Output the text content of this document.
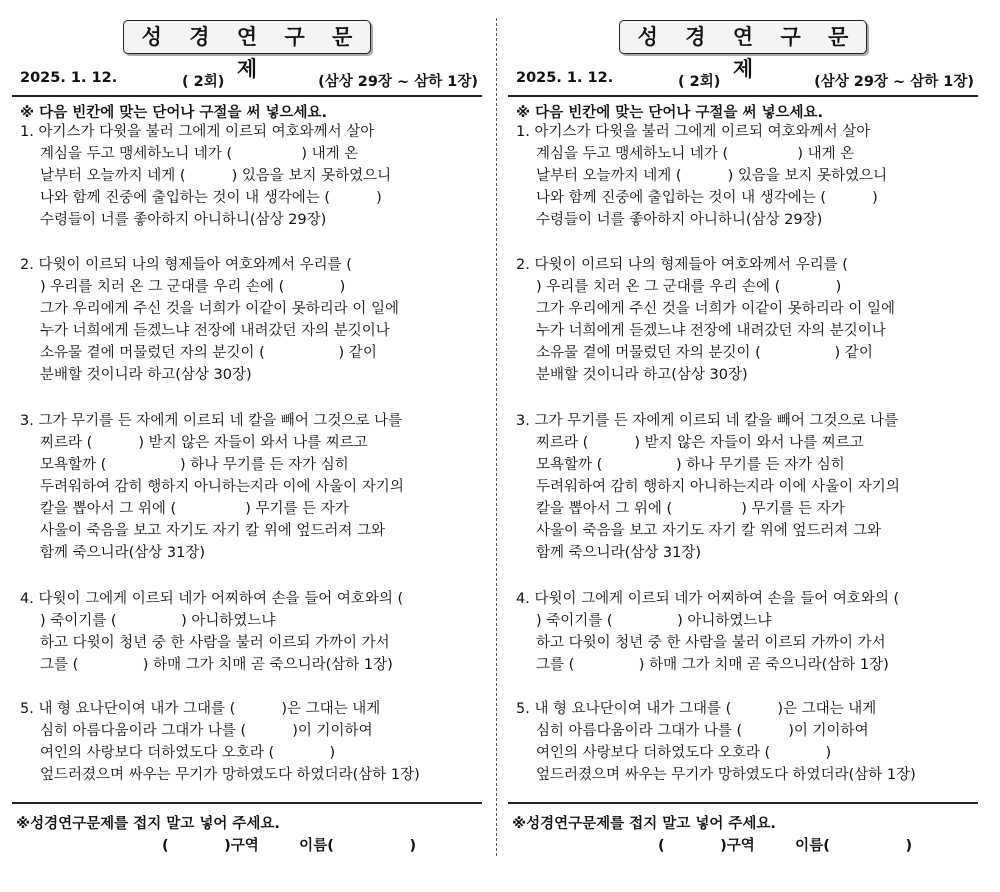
성 경 연 구 문 제
2025. 1. 12.	( 2회)	(삼상 29장 ~ 삼하 1장)
※ 다음 빈칸에 맞는 단어나 구절을 써 넣으세요.
1. 아기스가 다윗을 불러 그에게 이르되 여호와께서 살아
계심을 두고 맹세하노니 네가 (               ) 내게 온
날부터 오늘까지 네게 (          ) 있음을 보지 못하였으니
나와 함께 진중에 출입하는 것이 내 생각에는 (          )
수령들이 너를 좋아하지 아니하니(삼상 29장)
2. 다윗이 이르되 나의 형제들아 여호와께서 우리를 (
) 우리를 치러 온 그 군대를 우리 손에 (            )
그가 우리에게 주신 것을 너희가 이같이 못하리라 이 일에
누가 너희에게 듣겠느냐 전장에 내려갔던 자의 분깃이나
소유물 곁에 머물렀던 자의 분깃이 (                ) 같이
분배할 것이니라 하고(삼상 30장)
3. 그가 무기를 든 자에게 이르되 네 칼을 빼어 그것으로 나를
찌르라 (          ) 받지 않은 자들이 와서 나를 찌르고
모욕할까 (                ) 하나 무기를 든 자가 심히
두려워하여 감히 행하지 아니하는지라 이에 사울이 자기의
칼을 뽑아서 그 위에 (               ) 무기를 든 자가
사울이 죽음을 보고 자기도 자기 칼 위에 엎드러져 그와
함께 죽으니라(삼상 31장)
4. 다윗이 그에게 이르되 네가 어찌하여 손을 들어 여호와의 (
) 죽이기를 (              ) 아니하였느냐
하고 다윗이 청년 중 한 사람을 불러 이르되 가까이 가서
그를 (              ) 하매 그가 치매 곧 죽으니라(삼하 1장)
5. 내 형 요나단이여 내가 그대를 (          )은 그대는 내게
심히 아름다움이라 그대가 나를 (          )이 기이하여
여인의 사랑보다 더하였도다 오호라 (            )
엎드러졌으며 싸우는 무기가 망하였도다 하였더라(삼하 1장)
※성경연구문제를 접지 말고 넣어 주세요.
(           )구역        이름(               )
성 경 연 구 문 제
2025. 1. 12.	( 2회)	(삼상 29장 ~ 삼하 1장)
※ 다음 빈칸에 맞는 단어나 구절을 써 넣으세요.
1. 아기스가 다윗을 불러 그에게 이르되 여호와께서 살아
계심을 두고 맹세하노니 네가 (               ) 내게 온
날부터 오늘까지 네게 (          ) 있음을 보지 못하였으니
나와 함께 진중에 출입하는 것이 내 생각에는 (          )
수령들이 너를 좋아하지 아니하니(삼상 29장)
2. 다윗이 이르되 나의 형제들아 여호와께서 우리를 (
) 우리를 치러 온 그 군대를 우리 손에 (            )
그가 우리에게 주신 것을 너희가 이같이 못하리라 이 일에
누가 너희에게 듣겠느냐 전장에 내려갔던 자의 분깃이나
소유물 곁에 머물렀던 자의 분깃이 (                ) 같이
분배할 것이니라 하고(삼상 30장)
3. 그가 무기를 든 자에게 이르되 네 칼을 빼어 그것으로 나를
찌르라 (          ) 받지 않은 자들이 와서 나를 찌르고
모욕할까 (                ) 하나 무기를 든 자가 심히
두려워하여 감히 행하지 아니하는지라 이에 사울이 자기의
칼을 뽑아서 그 위에 (               ) 무기를 든 자가
사울이 죽음을 보고 자기도 자기 칼 위에 엎드러져 그와
함께 죽으니라(삼상 31장)
4. 다윗이 그에게 이르되 네가 어찌하여 손을 들어 여호와의 (
) 죽이기를 (              ) 아니하였느냐
하고 다윗이 청년 중 한 사람을 불러 이르되 가까이 가서
그를 (              ) 하매 그가 치매 곧 죽으니라(삼하 1장)
5. 내 형 요나단이여 내가 그대를 (          )은 그대는 내게
심히 아름다움이라 그대가 나를 (          )이 기이하여
여인의 사랑보다 더하였도다 오호라 (            )
엎드러졌으며 싸우는 무기가 망하였도다 하였더라(삼하 1장)
※성경연구문제를 접지 말고 넣어 주세요.
(           )구역        이름(               )
